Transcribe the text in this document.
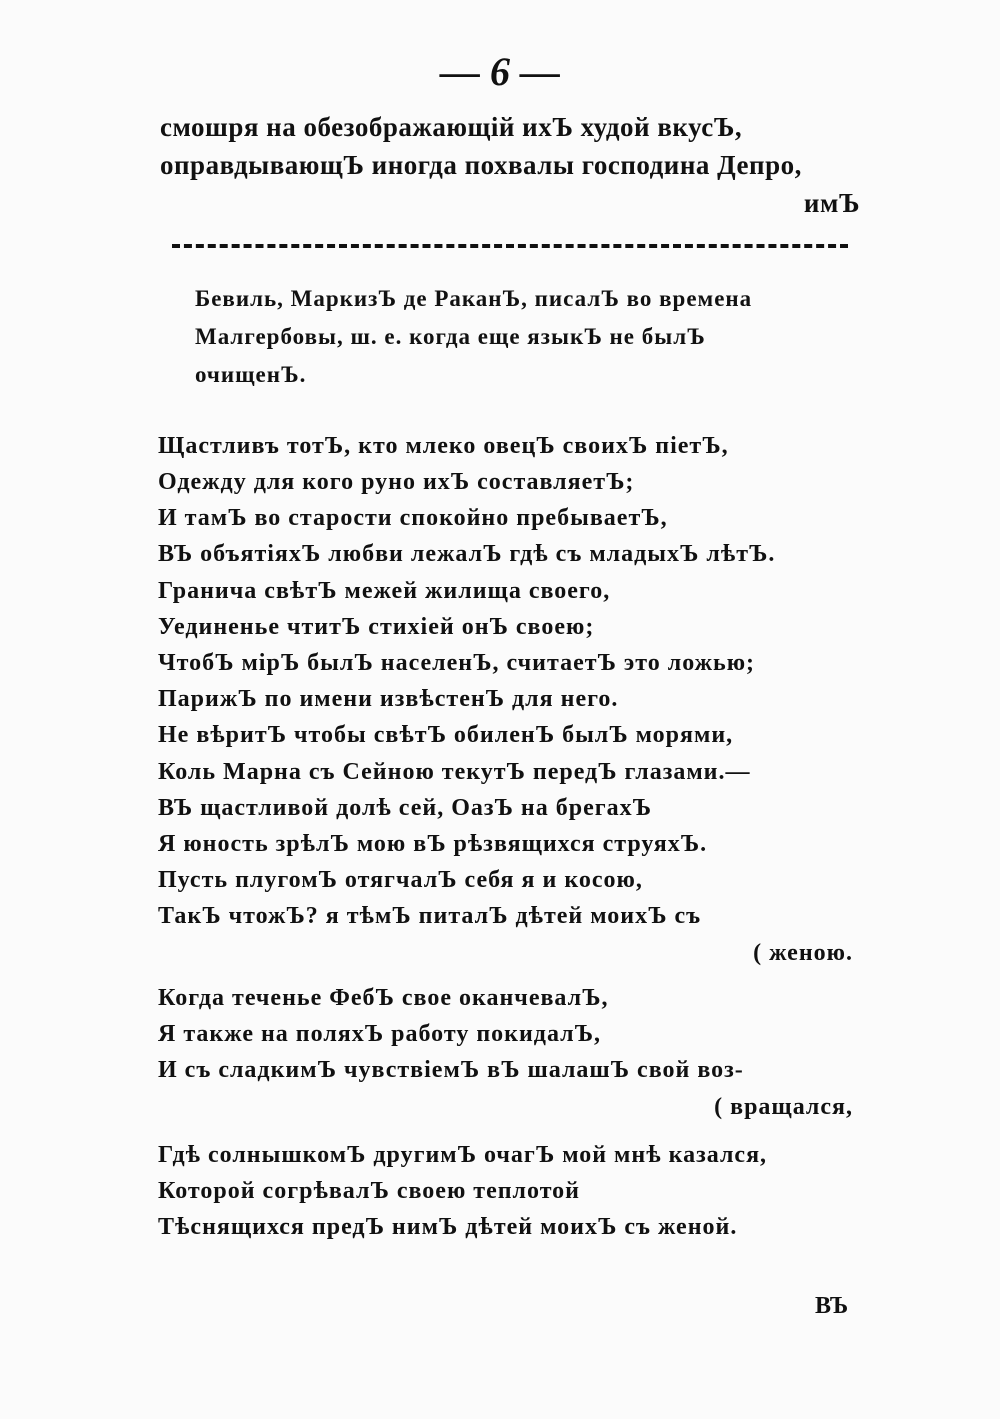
— 6 —
смошря на обезображающій ихЪ худой вкусЪ,
оправдывающЪ иногда похвалы господина Депро,
имЪ
Бевиль, МаркизЪ де РаканЪ, писалЪ во времена
Малгербовы, ш. е. когда еще языкЪ не былЪ
очищенЪ.
Щастливъ тотЪ, кто млеко овецЪ своихЪ піетЪ,
Одежду для кого руно ихЪ составляетЪ;
И тамЪ во старости спокойно пребываетЪ,
ВЪ объятіяхЪ любви лежалЪ гдѣ съ младыхЪ лѣтЪ.
Граничa свѣтЪ межей жилища своего,
Уединенье чтитЪ стихіей онЪ своею;
ЧтобЪ мірЪ былЪ населенЪ, считаетЪ это ложью;
ПарижЪ по имени извѣстенЪ для него.
Не вѣритЪ чтобы свѣтЪ обиленЪ былЪ морями,
Коль Марна съ Сейною текутЪ передЪ глазами.—
ВЪ щастливой долѣ сей, ОазЪ на брегахЪ
Я юность зрѣлЪ мою вЪ рѣзвящихся струяхЪ.
Пусть плугомЪ отягчалЪ себя я и косою,
ТакЪ чтожЪ? я тѣмЪ питалЪ дѣтей моихЪ съ
( женою.
Когда теченье ФебЪ свое оканчевалЪ,
Я также на поляхЪ работу покидалЪ,
И съ сладкимЪ чувствіемЪ вЪ шалашЪ свой воз-
( вращался,
Гдѣ солнышкомЪ другимЪ очагЪ мой мнѣ казался,
Которой согрѣвалЪ своею теплотой
Тѣснящихся предЪ нимЪ дѣтей моихЪ съ женой.
ВЪ
